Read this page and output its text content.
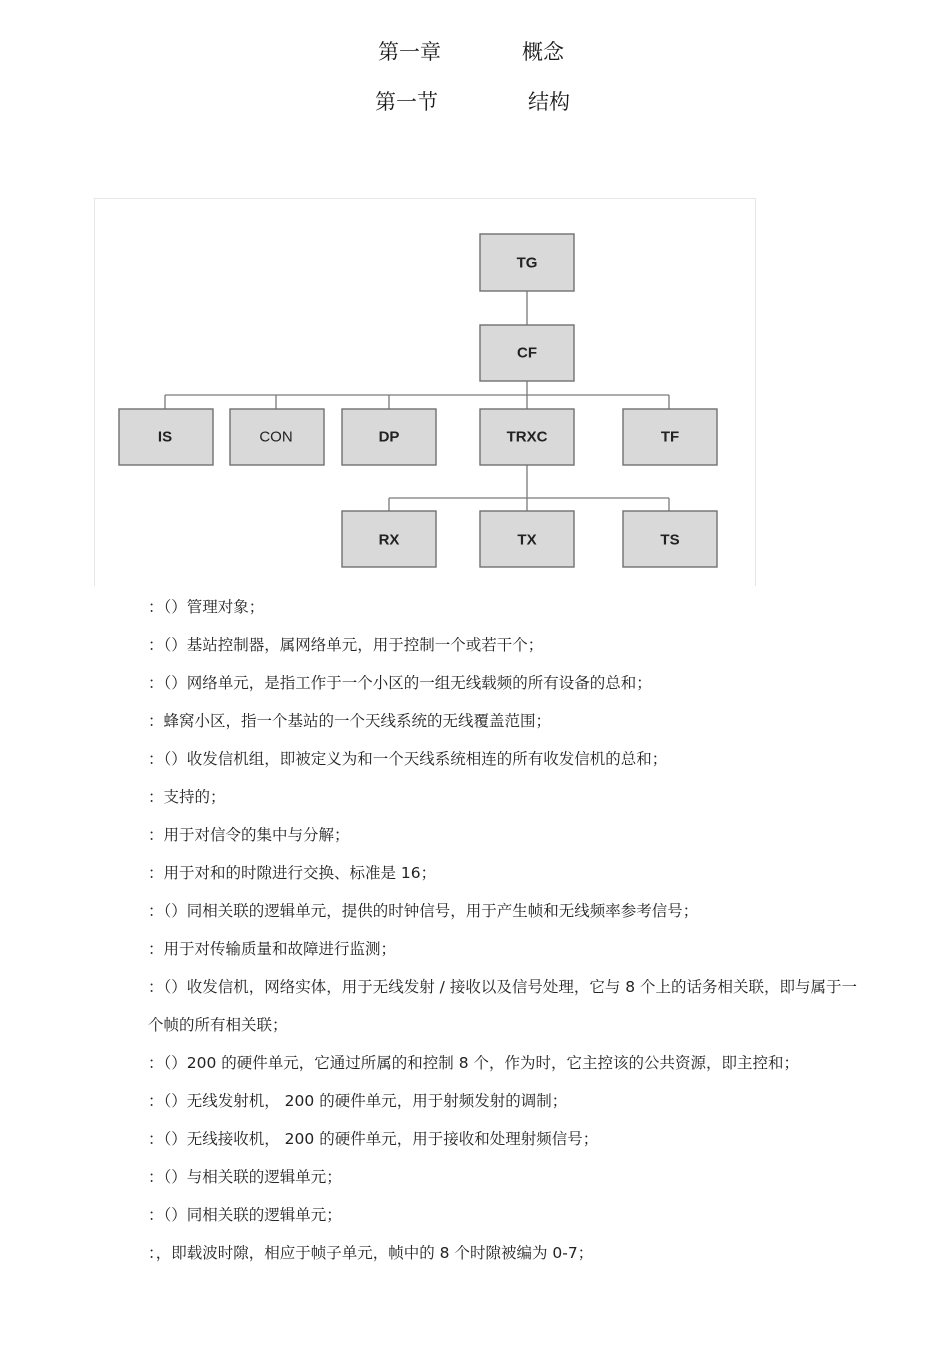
第一章	概念
第一节	结构
TG
CF
IS	CON	DP	TRXC	TF
RX	TX	TS
：（）管理对象；
：（）基站控制器，属网络单元，用于控制一个或若干个；
：（）网络单元，是指工作于一个小区的一组无线载频的所有设备的总和；
：蜂窝小区，指一个基站的一个天线系统的无线覆盖范围；
：（）收发信机组，即被定义为和一个天线系统相连的所有收发信机的总和；
：支持的；
：用于对信令的集中与分解；
：用于对和的时隙进行交换、标准是 16；
：（）同相关联的逻辑单元，提供的时钟信号，用于产生帧和无线频率参考信号；
：用于对传输质量和故障进行监测；
：（）收发信机，网络实体，用于无线发射 / 接收以及信号处理，它与 8 个上的话务相关联，即与属于一个帧的所有相关联；
：（）200 的硬件单元，它通过所属的和控制 8 个，作为时，它主控该的公共资源，即主控和；
：（）无线发射机， 200 的硬件单元，用于射频发射的调制；
：（）无线接收机， 200 的硬件单元，用于接收和处理射频信号；
：（）与相关联的逻辑单元；
：（）同相关联的逻辑单元；
：，即载波时隙，相应于帧子单元，帧中的 8 个时隙被编为 0-7；
